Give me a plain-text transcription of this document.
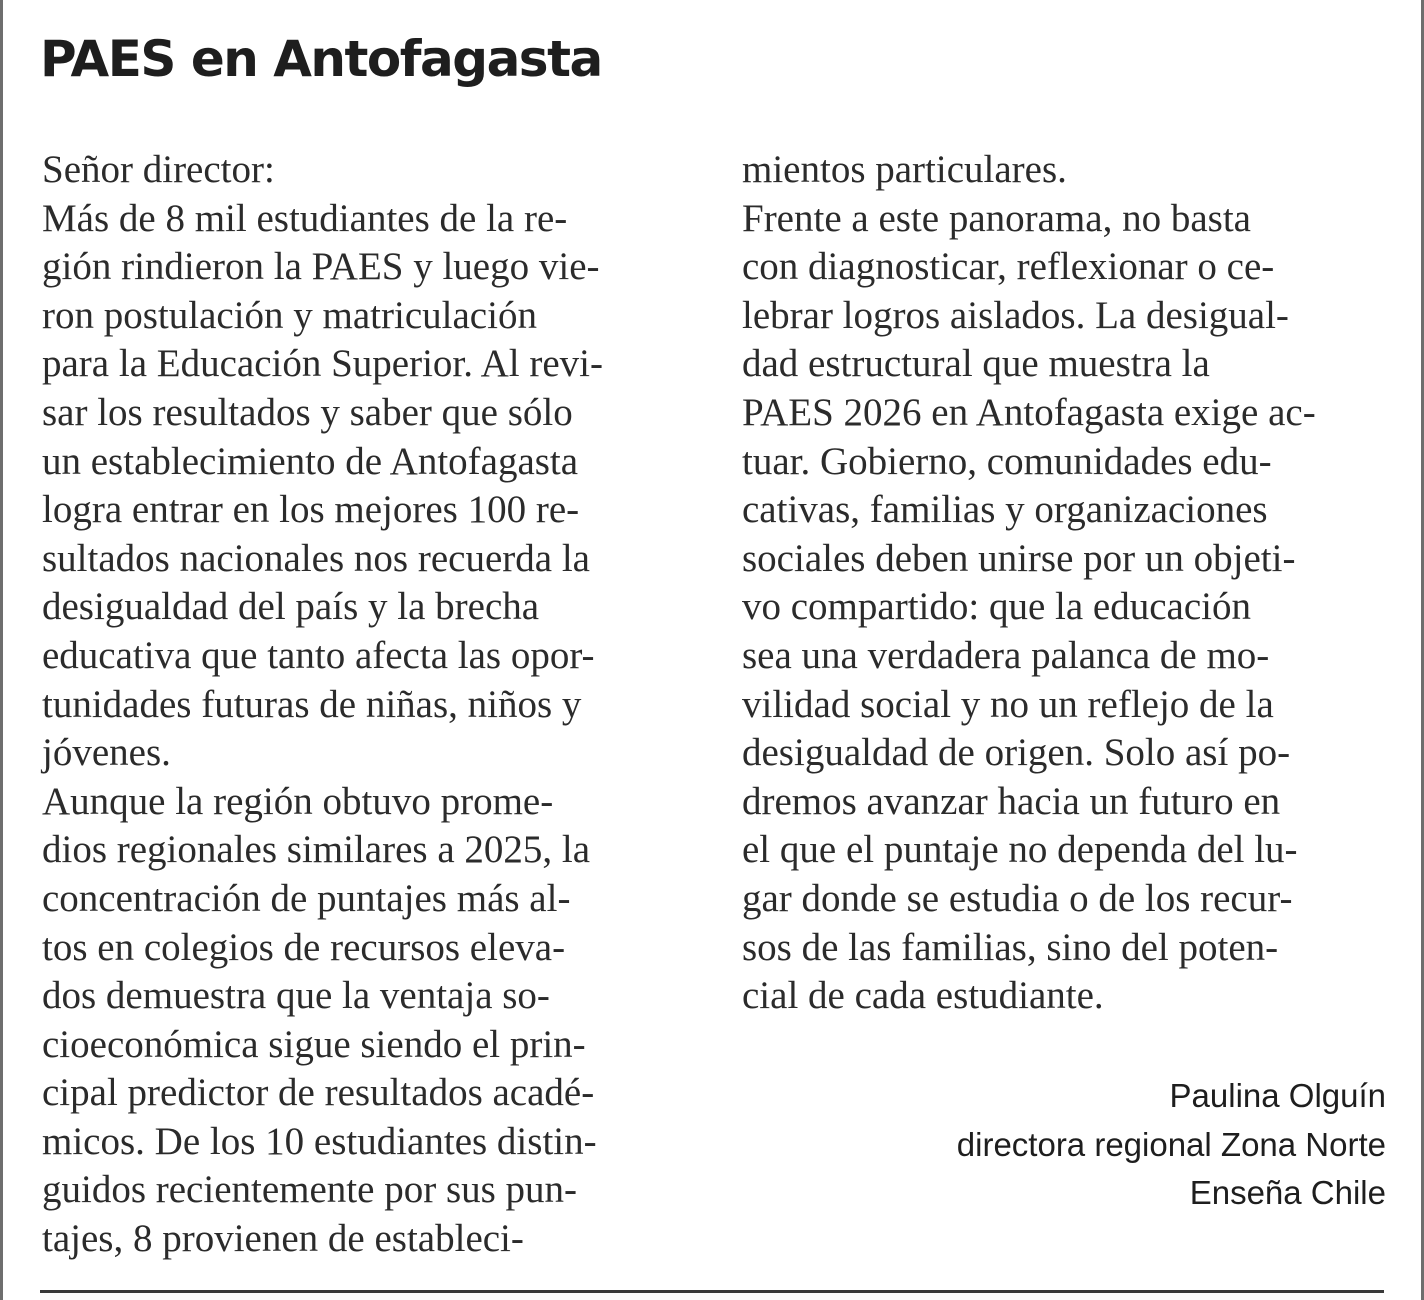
PAES en Antofagasta
Señor director:
Más de 8 mil estudiantes de la re-
gión rindieron la PAES y luego vie-
ron postulación y matriculación
para la Educación Superior. Al revi-
sar los resultados y saber que sólo
un establecimiento de Antofagasta
logra entrar en los mejores 100 re-
sultados nacionales nos recuerda la
desigualdad del país y la brecha
educativa que tanto afecta las opor-
tunidades futuras de niñas, niños y
jóvenes.
Aunque la región obtuvo prome-
dios regionales similares a 2025, la
concentración de puntajes más al-
tos en colegios de recursos eleva-
dos demuestra que la ventaja so-
cioeconómica sigue siendo el prin-
cipal predictor de resultados acadé-
micos. De los 10 estudiantes distin-
guidos recientemente por sus pun-
tajes, 8 provienen de estableci-
mientos particulares.
Frente a este panorama, no basta
con diagnosticar, reflexionar o ce-
lebrar logros aislados. La desigual-
dad estructural que muestra la
PAES 2026 en Antofagasta exige ac-
tuar. Gobierno, comunidades edu-
cativas, familias y organizaciones
sociales deben unirse por un objeti-
vo compartido: que la educación
sea una verdadera palanca de mo-
vilidad social y no un reflejo de la
desigualdad de origen. Solo así po-
dremos avanzar hacia un futuro en
el que el puntaje no dependa del lu-
gar donde se estudia o de los recur-
sos de las familias, sino del poten-
cial de cada estudiante.
Paulina Olguín
directora regional Zona Norte
Enseña Chile
